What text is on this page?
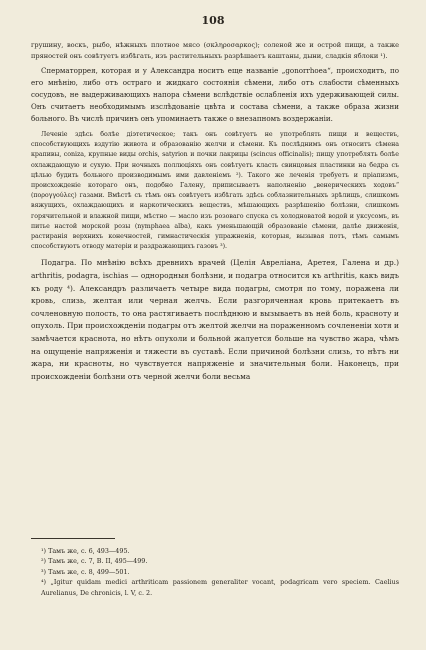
108

грушину, воскъ, рыбо, нѣжныхъ плотное мясо (σκληροσαρκος); соленой же и острой пищи, а также пряностей онъ совѣтуетъ избѣгать, изъ растительныхъ разрѣшаетъ каштаны, дыни, сладкія яблоки ¹).

Сперматоррея, которая и у Александра носитъ еще названіе „gonorrhoea“, происходитъ, по его мнѣнію, либо отъ остраго и жидкаго состоянія сѣмени, либо отъ слабости сѣменныхъ сосудовъ, не выдерживающихъ напора сѣмени вслѣдствіе ослабленія ихъ удерживающей силы. Онъ считаетъ необходимымъ изслѣдованіе цвѣта и состава сѣмени, а также образа жизни больного. Въ числѣ причинъ онъ упоминаетъ также о внезапномъ воздержаніи.

Леченіе здѣсь болѣе діэтетическое; такъ онъ совѣтуетъ не употреблять пищи и веществъ, способствующихъ вздутію живота и образованію желчи и сѣмени. Къ послѣднимъ онъ относитъ сѣмена крапивы, coniza, крупные виды orchis, satyrion и почки лакрицы (scincus officinalis); пищу употреблять болѣе охлаждающую и сухую. При ночныхъ поллюціяхъ онъ совѣтуетъ класть свинцовыя пластинки на бедра съ цѣлью будить больного производимымъ ими давленіемъ ²). Такого же леченія требуетъ и пріапизмъ, происхожденіе котораго онъ, подобно Галену, приписываетъ наполненію „венерическихъ ходовъ“ (πορογγούλες) газами. Вмѣстѣ съ тѣмъ онъ совѣтуетъ избѣгать здѣсь соблазнительныхъ зрѣлищъ, слишкомъ вяжущихъ, охлаждающихъ и наркотическихъ веществъ, мѣшающихъ разрѣшенію болѣзни, слишкомъ горячительной и влажной пищи, мѣстно — масло изъ розоваго спуска съ холодноватой водой и уксусомъ, въ питье настой морской розы (nymphaea alba), какъ уменьшающій образованіе сѣмени, далѣе движенія, растиранія верхнихъ конечностей, гимнастическія упражненія, которыя, вызывая потъ, тѣмъ самымъ способствуютъ отводу матеріи и раздражающихъ газовъ ³).

Подагра. По мнѣнію всѣхъ древнихъ врачей (Целія Авреліана, Аретея, Галена и др.) arthritis, podagra, ischias — однородныя болѣзни, и подагра относится къ arthritis, какъ видъ къ роду ⁴). Александръ различаетъ четыре вида подагры, смотря по тому, поражена ли кровь, слизь, желтая или черная желчь. Если разгоряченная кровь притекаетъ въ сочленовную полость, то она растягиваетъ послѣднюю и вызываетъ въ ней боль, краснoту и опухоль. При происхожденіи подагры отъ желтой желчи на пораженномъ сочлененіи хотя и замѣчается краснота, но нѣтъ опухоли и больной жалуется больше на чувство жара, чѣмъ на ощущеніе напряженія и тяжести въ суставѣ. Если причиной болѣзни слизь, то нѣтъ ни жара, ни красноты, но чувствуется напряженіе и значительныя боли. Наконецъ, при происхожденіи болѣзни отъ черной желчи боли весьма

¹) Тамъ же, с. 6, 493—495.

²) Тамъ же, с. 7, В. II, 495—499.

³) Тамъ же, с. 8, 499—501.

⁴) „Igitur quidam medici arthriticam passionem generaliter vocant, podagricam vero speciem. Caelius Aurelianus, De chronicis, l. V, c. 2.
